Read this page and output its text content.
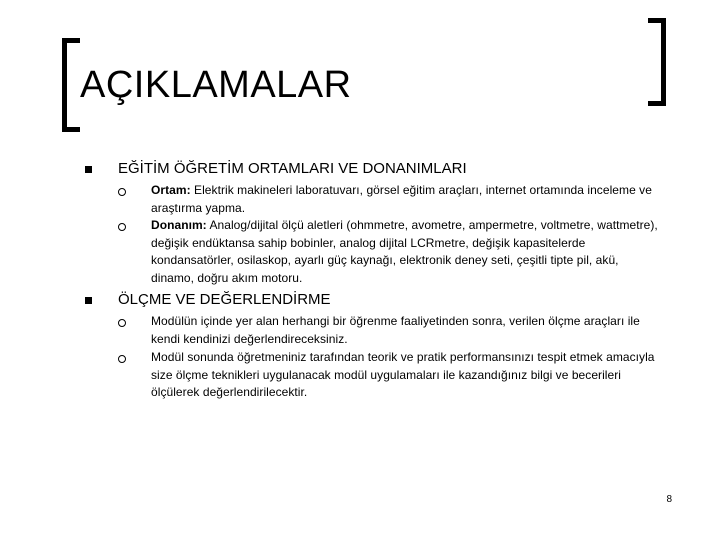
AÇIKLAMALAR
EĞİTİM ÖĞRETİM ORTAMLARI VE DONANIMLARI
Ortam: Elektrik makineleri laboratuvarı, görsel eğitim araçları, internet ortamında inceleme ve araştırma yapma.
Donanım: Analog/dijital ölçü aletleri (ohmmetre, avometre, ampermetre, voltmetre, wattmetre), değişik endüktansa sahip bobinler, analog dijital LCRmetre, değişik kapasitelerde kondansatörler, osilaskop, ayarlı güç kaynağı, elektronik deney seti, çeşitli tipte pil, akü, dinamo, doğru akım motoru.
ÖLÇME VE DEĞERLENDİRME
Modülün içinde yer alan herhangi bir öğrenme faaliyetinden sonra, verilen ölçme araçları ile kendi kendinizi değerlendireceksiniz.
Modül sonunda öğretmeniniz tarafından teorik ve pratik performansınızı tespit etmek amacıyla size ölçme teknikleri uygulanacak modül uygulamaları ile kazandığınız bilgi ve becerileri ölçülerek değerlendirilecektir.
8
